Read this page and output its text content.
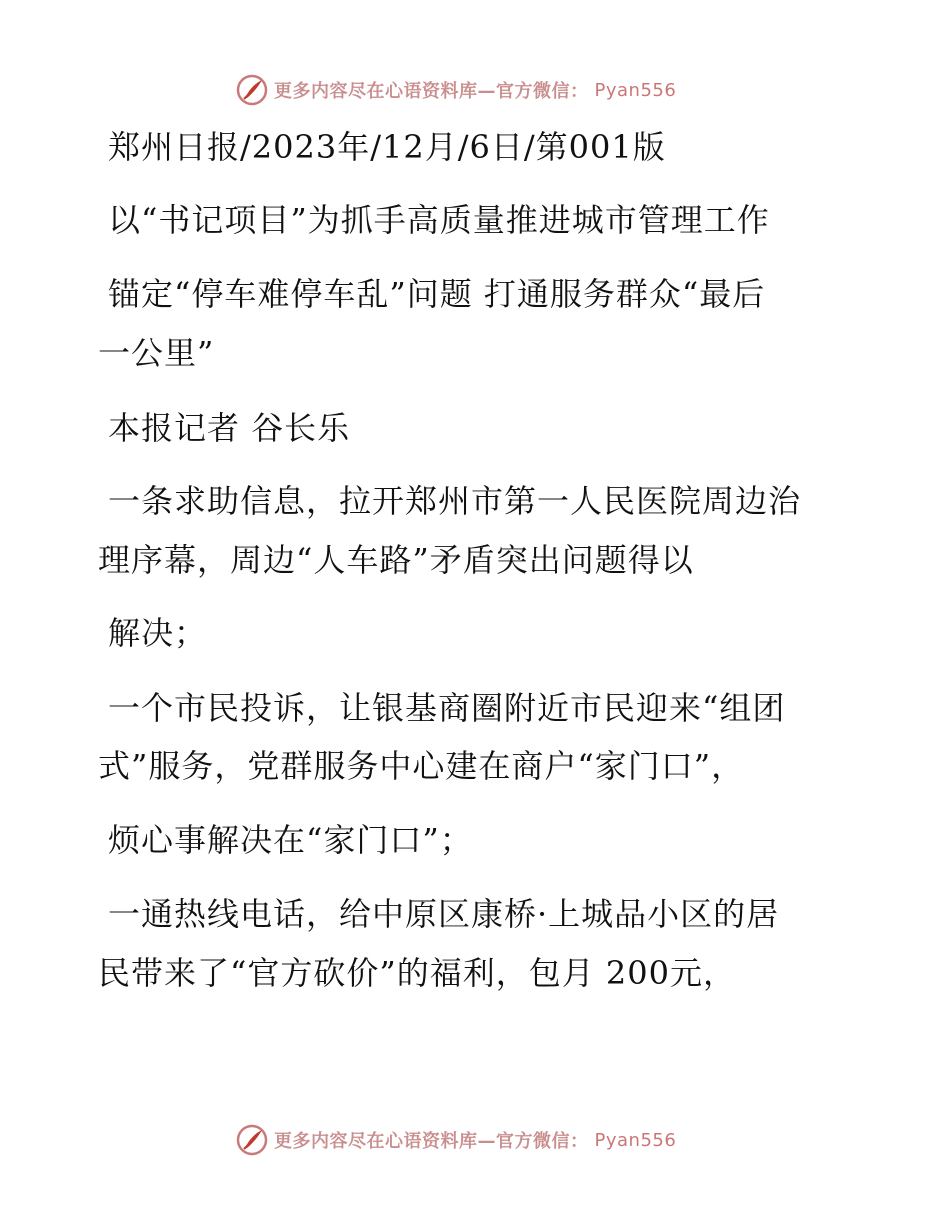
更多内容尽在心语资料库—官方微信： Pyan556
郑州日报/2023年/12月/6日/第001版
以“书记项目”为抓手高质量推进城市管理工作
锚定“停车难停车乱”问题 打通服务群众“最后
一公里”
本报记者 谷长乐
一条求助信息，拉开郑州市第一人民医院周边治
理序幕，周边“人车路”矛盾突出问题得以
解决；
一个市民投诉，让银基商圈附近市民迎来“组团
式”服务，党群服务中心建在商户“家门口”，
烦心事解决在“家门口”；
一通热线电话，给中原区康桥·上城品小区的居
民带来了“官方砍价”的福利，包月 200元，
更多内容尽在心语资料库—官方微信： Pyan556
